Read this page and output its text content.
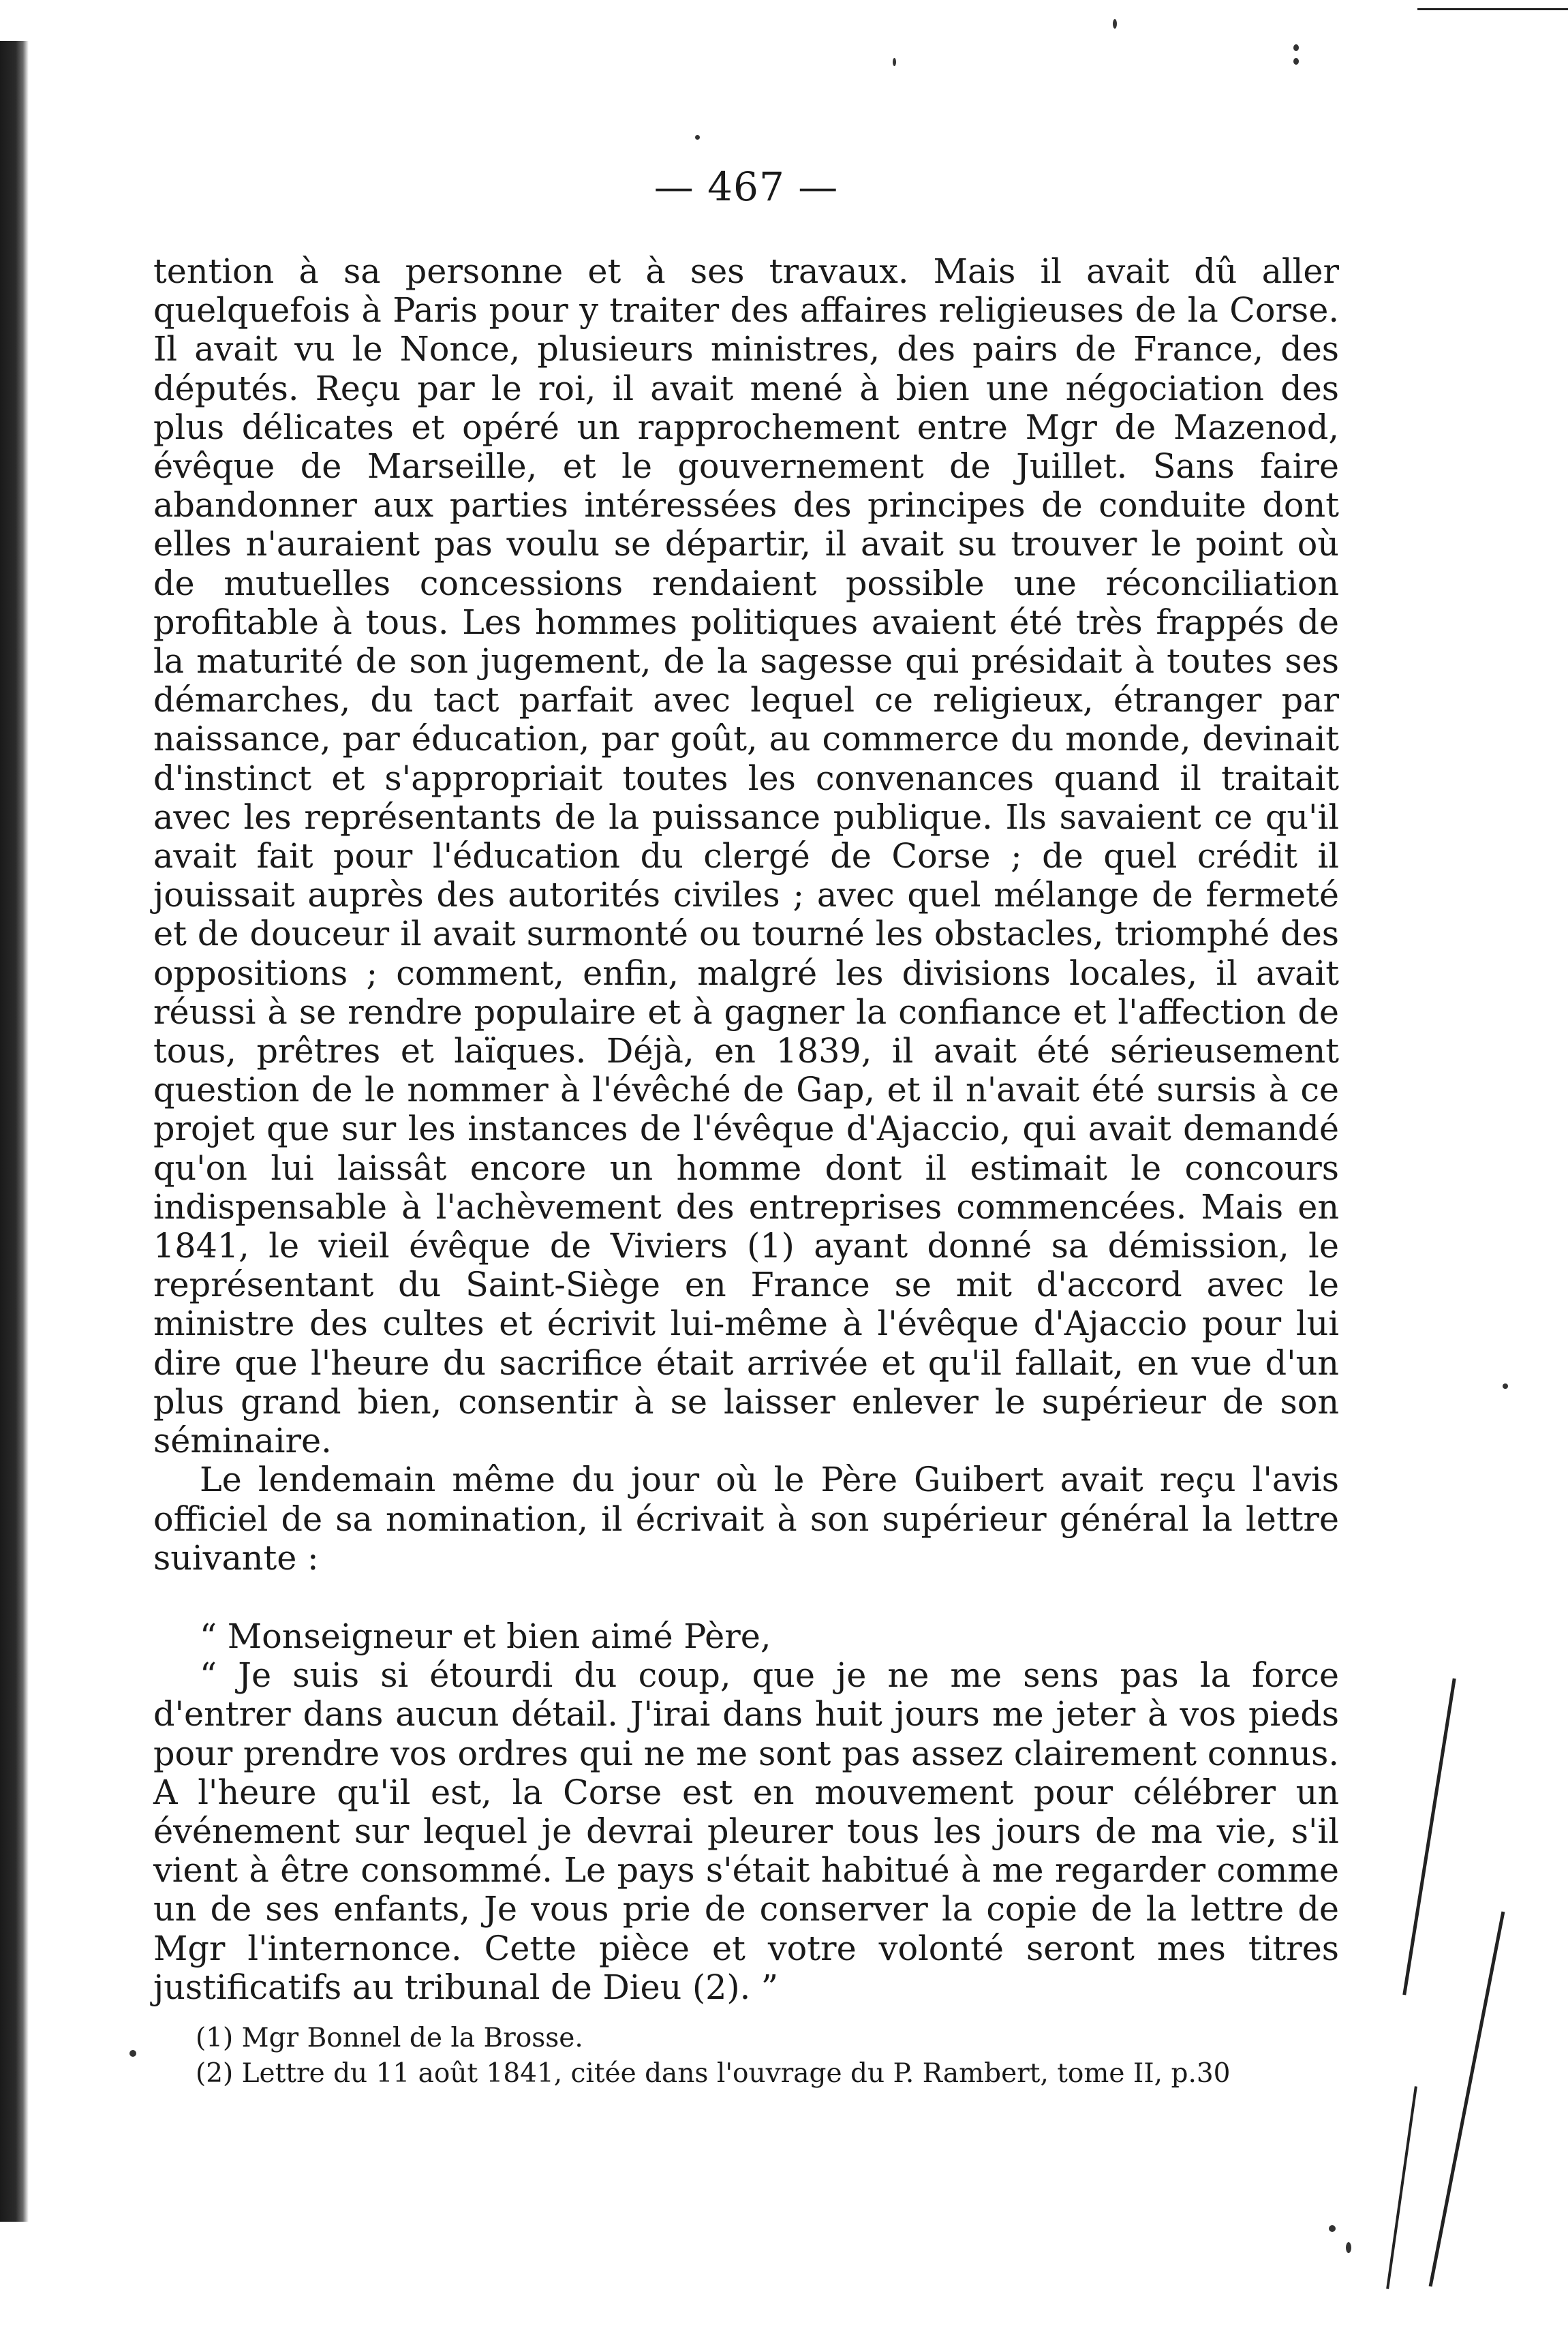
— 467 —

tention à sa personne et à ses travaux. Mais il avait dû aller quelquefois à Paris pour y traiter des affaires religieuses de la Corse. Il avait vu le Nonce, plusieurs ministres, des pairs de France, des députés. Reçu par le roi, il avait mené à bien une négociation des plus délicates et opéré un rapprochement entre Mgr de Mazenod, évêque de Marseille, et le gouvernement de Juillet. Sans faire abandonner aux parties intéressées des principes de conduite dont elles n'auraient pas voulu se départir, il avait su trouver le point où de mutuelles concessions rendaient possible une réconciliation profitable à tous. Les hommes politiques avaient été très frappés de la maturité de son jugement, de la sagesse qui présidait à toutes ses démarches, du tact parfait avec lequel ce religieux, étranger par naissance, par éducation, par goût, au commerce du monde, devinait d'instinct et s'appropriait toutes les convenances quand il traitait avec les représentants de la puissance publique. Ils savaient ce qu'il avait fait pour l'éducation du clergé de Corse ; de quel crédit il jouissait auprès des autorités civiles ; avec quel mélange de fermeté et de douceur il avait surmonté ou tourné les obstacles, triomphé des oppositions ; comment, enfin, malgré les divisions locales, il avait réussi à se rendre populaire et à gagner la confiance et l'affection de tous, prêtres et laïques. Déjà, en 1839, il avait été sérieusement question de le nommer à l'évêché de Gap, et il n'avait été sursis à ce projet que sur les instances de l'évêque d'Ajaccio, qui avait demandé qu'on lui laissât encore un homme dont il estimait le concours indispensable à l'achèvement des entreprises commencées. Mais en 1841, le vieil évêque de Viviers (1) ayant donné sa démission, le représentant du Saint-Siège en France se mit d'accord avec le ministre des cultes et écrivit lui-même à l'évêque d'Ajaccio pour lui dire que l'heure du sacrifice était arrivée et qu'il fallait, en vue d'un plus grand bien, consentir à se laisser enlever le supérieur de son séminaire.

Le lendemain même du jour où le Père Guibert avait reçu l'avis officiel de sa nomination, il écrivait à son supérieur général la lettre suivante :

“ Monseigneur et bien aimé Père,

“ Je suis si étourdi du coup, que je ne me sens pas la force d'entrer dans aucun détail. J'irai dans huit jours me jeter à vos pieds pour prendre vos ordres qui ne me sont pas assez clairement connus. A l'heure qu'il est, la Corse est en mouvement pour célébrer un événement sur lequel je devrai pleurer tous les jours de ma vie, s'il vient à être consommé. Le pays s'était habitué à me regarder comme un de ses enfants, Je vous prie de conserver la copie de la lettre de Mgr l'internonce. Cette pièce et votre volonté seront mes titres justificatifs au tribunal de Dieu (2). ”

(1) Mgr Bonnel de la Brosse.

(2) Lettre du 11 août 1841, citée dans l'ouvrage du P. Rambert, tome II, p.30
